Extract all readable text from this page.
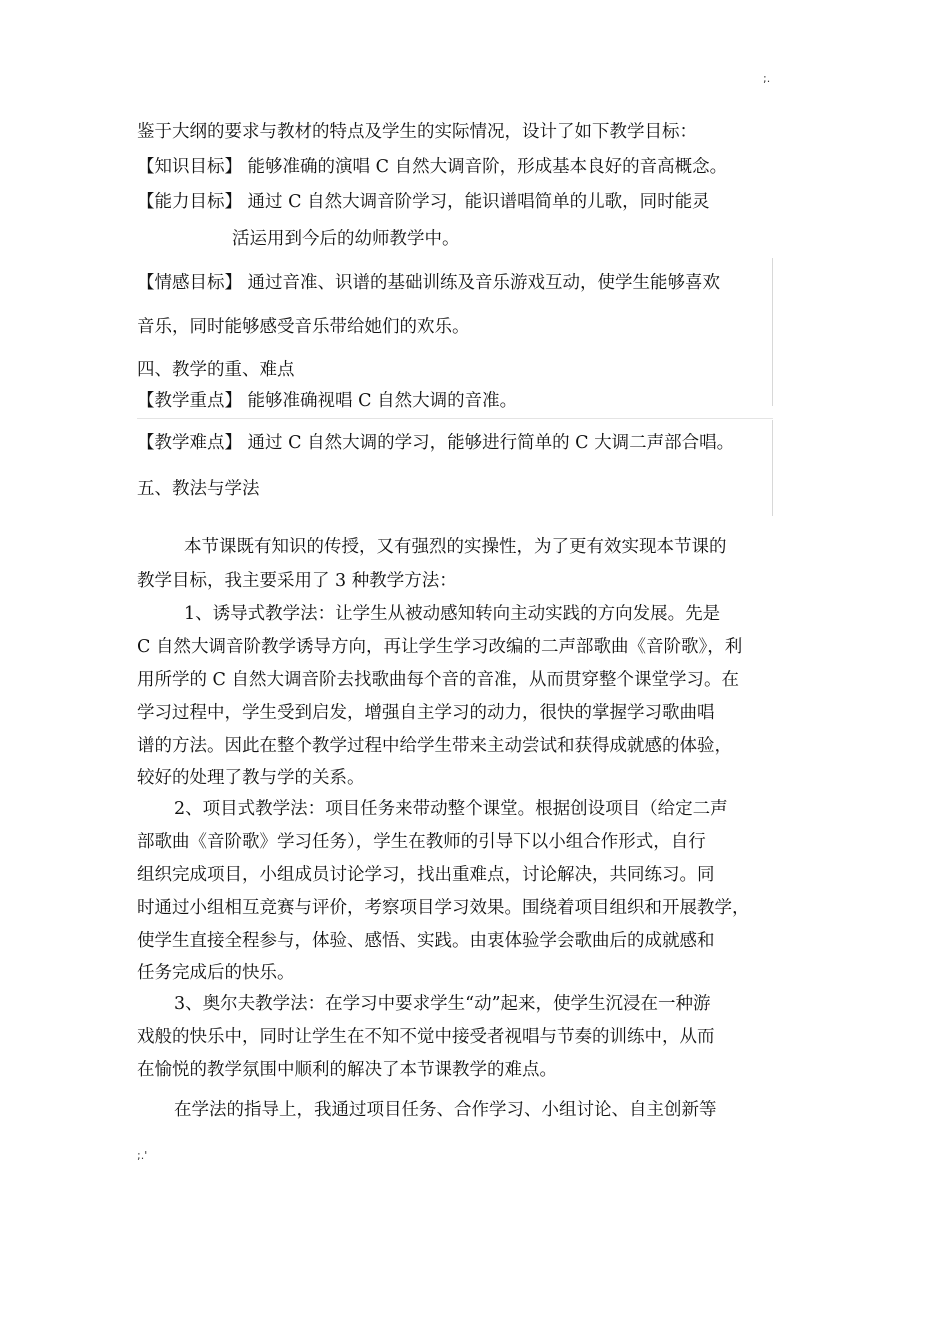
;.
鉴于大纲的要求与教材的特点及学生的实际情况，设计了如下教学目标：
【知识目标】 能够准确的演唱 C 自然大调音阶，形成基本良好的音高概念。
【能力目标】 通过 C 自然大调音阶学习，能识谱唱简单的儿歌，同时能灵
活运用到今后的幼师教学中。
【情感目标】 通过音准、识谱的基础训练及音乐游戏互动，使学生能够喜欢
音乐，同时能够感受音乐带给她们的欢乐。
四、教学的重、难点
【教学重点】 能够准确视唱 C 自然大调的音准。
【教学难点】 通过 C 自然大调的学习，能够进行简单的 C 大调二声部合唱。
五、教法与学法
本节课既有知识的传授，又有强烈的实操性，为了更有效实现本节课的
教学目标，我主要采用了 3 种教学方法：
1、诱导式教学法：让学生从被动感知转向主动实践的方向发展。先是
C 自然大调音阶教学诱导方向，再让学生学习改编的二声部歌曲《音阶歌》，利
用所学的 C 自然大调音阶去找歌曲每个音的音准，从而贯穿整个课堂学习。在
学习过程中，学生受到启发，增强自主学习的动力，很快的掌握学习歌曲唱
谱的方法。因此在整个教学过程中给学生带来主动尝试和获得成就感的体验，
较好的处理了教与学的关系。
2、项目式教学法：项目任务来带动整个课堂。根据创设项目（给定二声
部歌曲《音阶歌》学习任务），学生在教师的引导下以小组合作形式，自行
组织完成项目，小组成员讨论学习，找出重难点，讨论解决，共同练习。同
时通过小组相互竞赛与评价，考察项目学习效果。围绕着项目组织和开展教学，
使学生直接全程参与，体验、感悟、实践。由衷体验学会歌曲后的成就感和
任务完成后的快乐。
3、奥尔夫教学法：在学习中要求学生“动”起来，使学生沉浸在一种游
戏般的快乐中，同时让学生在不知不觉中接受者视唱与节奏的训练中，从而
在愉悦的教学氛围中顺利的解决了本节课教学的难点。
在学法的指导上，我通过项目任务、合作学习、小组讨论、自主创新等
;.'
